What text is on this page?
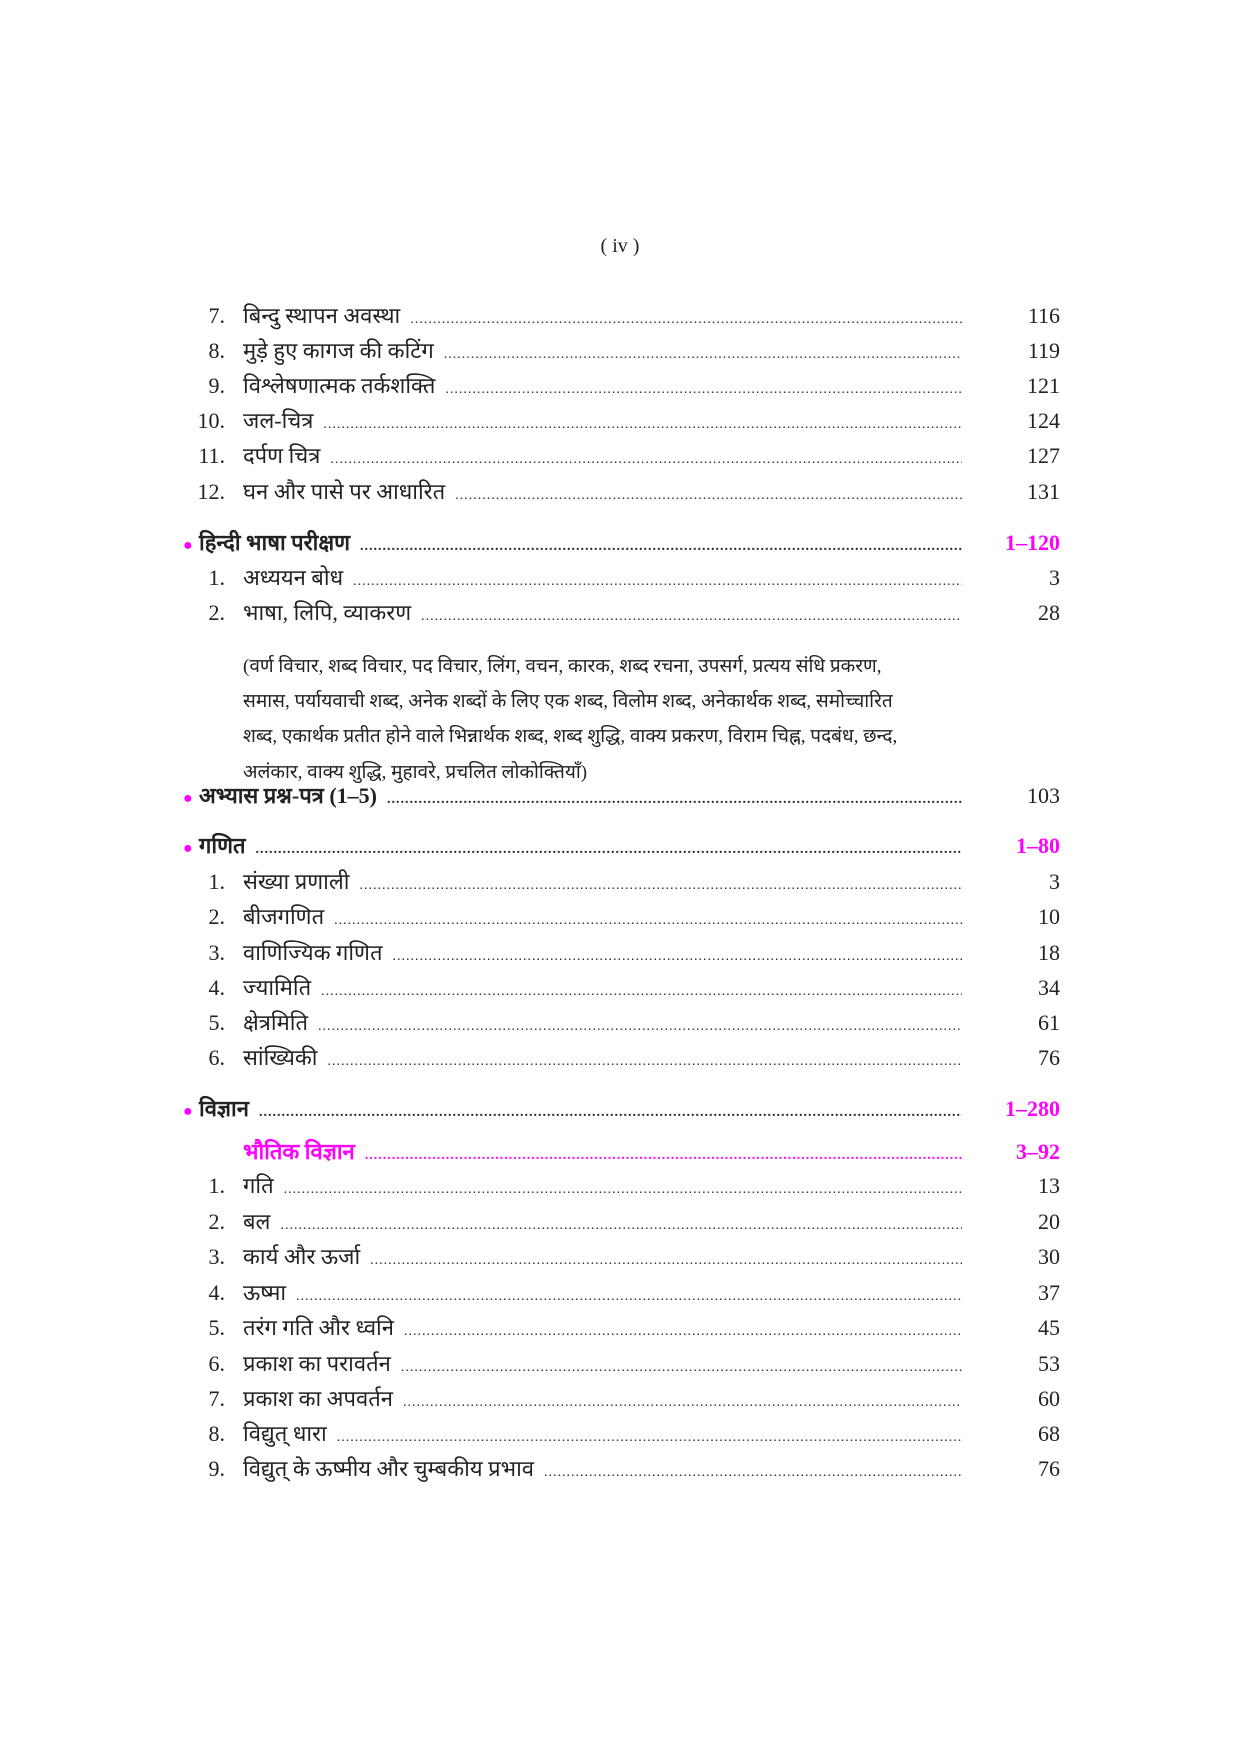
( iv )
7. बिन्दु स्थापन अवस्था .....	116
8. मुड़े हुए कागज की कटिंग .....	119
9. विश्लेषणात्मक तर्कशक्ति .....	121
10. जल-चित्र .....	124
11. दर्पण चित्र .....	127
12. घन और पासे पर आधारित .....	131
● हिन्दी भाषा परीक्षण .....	1–120
1. अध्ययन बोध .....	3
2. भाषा, लिपि, व्याकरण .....	28
(वर्ण विचार, शब्द विचार, पद विचार, लिंग, वचन, कारक, शब्द रचना, उपसर्ग, प्रत्यय संधि प्रकरण,
समास, पर्यायवाची शब्द, अनेक शब्दों के लिए एक शब्द, विलोम शब्द, अनेकार्थक शब्द, समोच्चारित
शब्द, एकार्थक प्रतीत होने वाले भिन्नार्थक शब्द, शब्द शुद्धि, वाक्य प्रकरण, विराम चिह्न, पदबंध, छन्द,
अलंकार, वाक्य शुद्धि, मुहावरे, प्रचलित लोकोक्तियाँ)
● अभ्यास प्रश्न-पत्र (1–5) .....	103
● गणित .....	1–80
1. संख्या प्रणाली .....	3
2. बीजगणित .....	10
3. वाणिज्यिक गणित .....	18
4. ज्यामिति .....	34
5. क्षेत्रमिति .....	61
6. सांख्यिकी .....	76
● विज्ञान .....	1–280
भौतिक विज्ञान .....	3–92
1. गति .....	13
2. बल .....	20
3. कार्य और ऊर्जा .....	30
4. ऊष्मा .....	37
5. तरंग गति और ध्वनि .....	45
6. प्रकाश का परावर्तन .....	53
7. प्रकाश का अपवर्तन .....	60
8. विद्युत् धारा .....	68
9. विद्युत् के ऊष्मीय और चुम्बकीय प्रभाव .....	76
